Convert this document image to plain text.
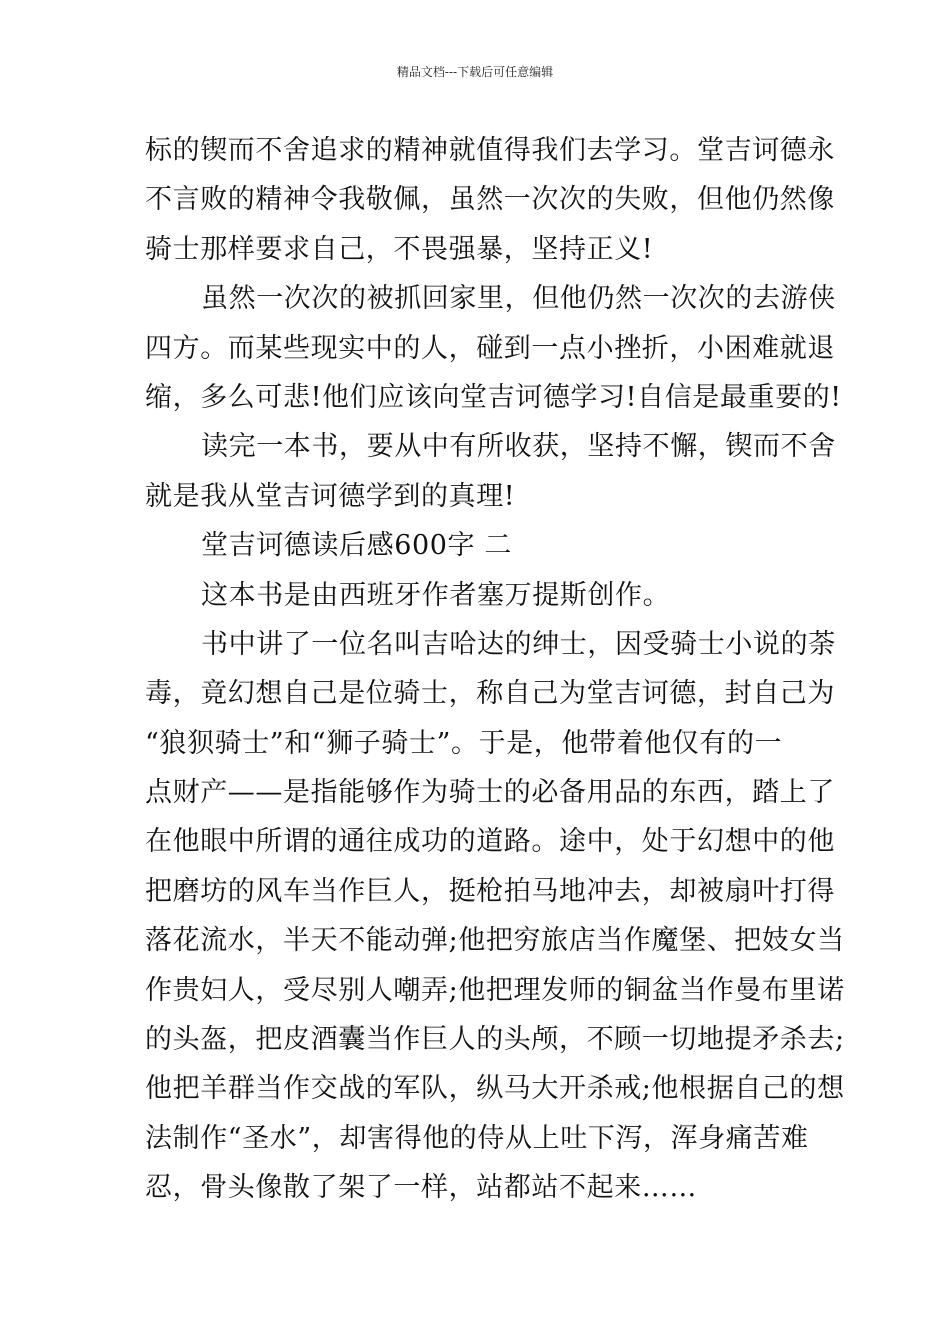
精品文档---下载后可任意编辑
标的锲而不舍追求的精神就值得我们去学习。堂吉诃德永
不言败的精神令我敬佩，虽然一次次的失败，但他仍然像
骑士那样要求自己，不畏强暴，坚持正义!
虽然一次次的被抓回家里，但他仍然一次次的去游侠
四方。而某些现实中的人，碰到一点小挫折，小困难就退
缩，多么可悲!他们应该向堂吉诃德学习!自信是最重要的!
读完一本书，要从中有所收获，坚持不懈，锲而不舍
就是我从堂吉诃德学到的真理!
堂吉诃德读后感600字 二
这本书是由西班牙作者塞万提斯创作。
书中讲了一位名叫吉哈达的绅士，因受骑士小说的荼
毒，竟幻想自己是位骑士，称自己为堂吉诃德，封自己为
“狼狈骑士”和“狮子骑士”。于是，他带着他仅有的一
点财产——是指能够作为骑士的必备用品的东西，踏上了
在他眼中所谓的通往成功的道路。途中，处于幻想中的他
把磨坊的风车当作巨人，挺枪拍马地冲去，却被扇叶打得
落花流水，半天不能动弹;他把穷旅店当作魔堡、把妓女当
作贵妇人，受尽别人嘲弄;他把理发师的铜盆当作曼布里诺
的头盔，把皮酒囊当作巨人的头颅，不顾一切地提矛杀去;
他把羊群当作交战的军队，纵马大开杀戒;他根据自己的想
法制作“圣水”，却害得他的侍从上吐下泻，浑身痛苦难
忍，骨头像散了架了一样，站都站不起来……
